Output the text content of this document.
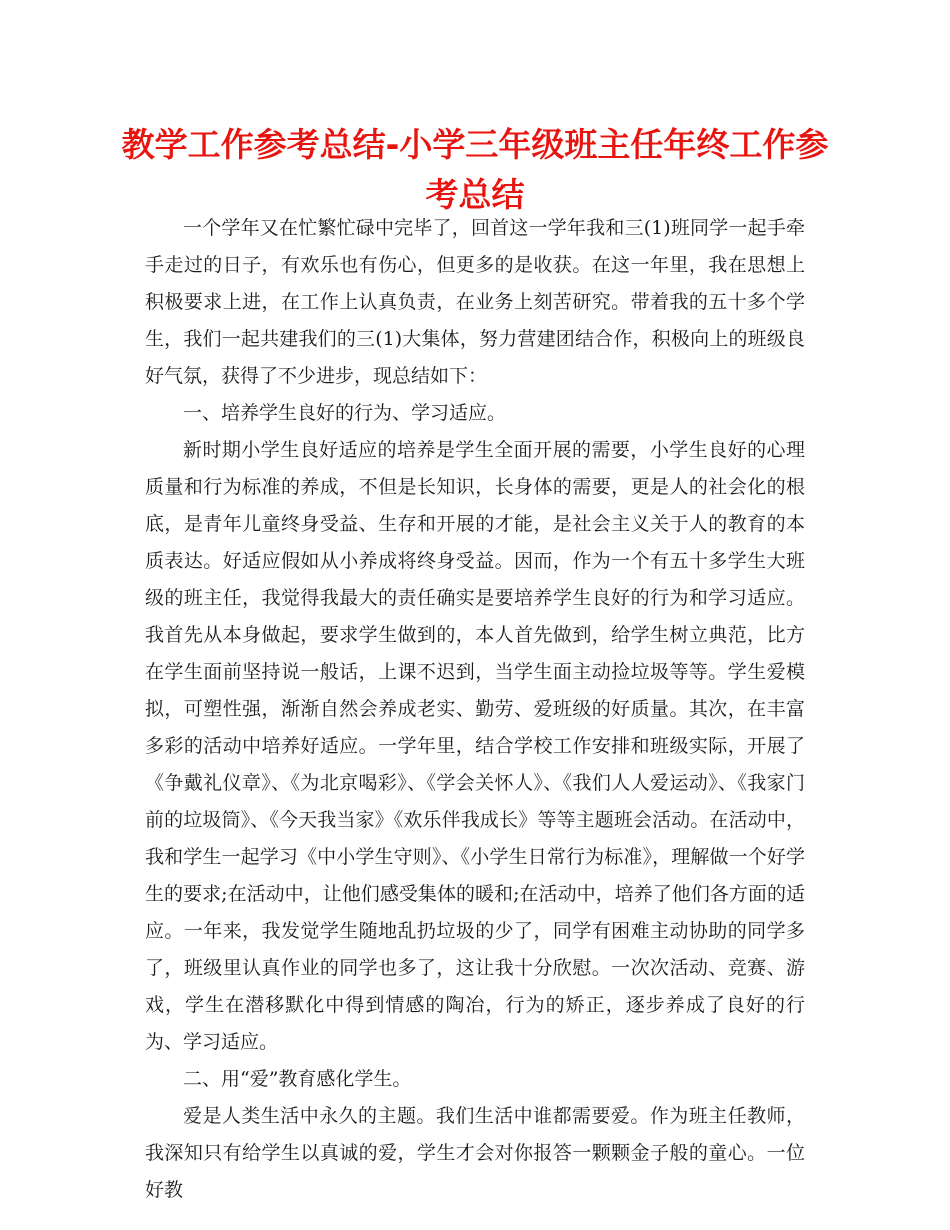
教学工作参考总结-小学三年级班主任年终工作参考总结

一个学年又在忙繁忙碌中完毕了，回首这一学年我和三(1)班同学一起手牵手走过的日子，有欢乐也有伤心，但更多的是收获。在这一年里，我在思想上积极要求上进，在工作上认真负责，在业务上刻苦研究。带着我的五十多个学生，我们一起共建我们的三(1)大集体，努力营建团结合作，积极向上的班级良好气氛，获得了不少进步，现总结如下：

一、培养学生良好的行为、学习适应。

新时期小学生良好适应的培养是学生全面开展的需要，小学生良好的心理质量和行为标准的养成，不但是长知识，长身体的需要，更是人的社会化的根底，是青年儿童终身受益、生存和开展的才能，是社会主义关于人的教育的本质表达。好适应假如从小养成将终身受益。因而，作为一个有五十多学生大班级的班主任，我觉得我最大的责任确实是要培养学生良好的行为和学习适应。我首先从本身做起，要求学生做到的，本人首先做到，给学生树立典范，比方在学生面前坚持说一般话，上课不迟到，当学生面主动捡垃圾等等。学生爱模拟，可塑性强，渐渐自然会养成老实、勤劳、爱班级的好质量。其次，在丰富多彩的活动中培养好适应。一学年里，结合学校工作安排和班级实际，开展了《争戴礼仪章》、《为北京喝彩》、《学会关怀人》、《我们人人爱运动》、《我家门前的垃圾筒》、《今天我当家》《欢乐伴我成长》等等主题班会活动。在活动中，我和学生一起学习《中小学生守则》、《小学生日常行为标准》，理解做一个好学生的要求;在活动中，让他们感受集体的暖和;在活动中，培养了他们各方面的适应。一年来，我发觉学生随地乱扔垃圾的少了，同学有困难主动协助的同学多了，班级里认真作业的同学也多了，这让我十分欣慰。一次次活动、竞赛、游戏，学生在潜移默化中得到情感的陶冶，行为的矫正，逐步养成了良好的行为、学习适应。

二、用“爱”教育感化学生。

爱是人类生活中永久的主题。我们生活中谁都需要爱。作为班主任教师，我深知只有给学生以真诚的爱，学生才会对你报答一颗颗金子般的童心。一位好教
